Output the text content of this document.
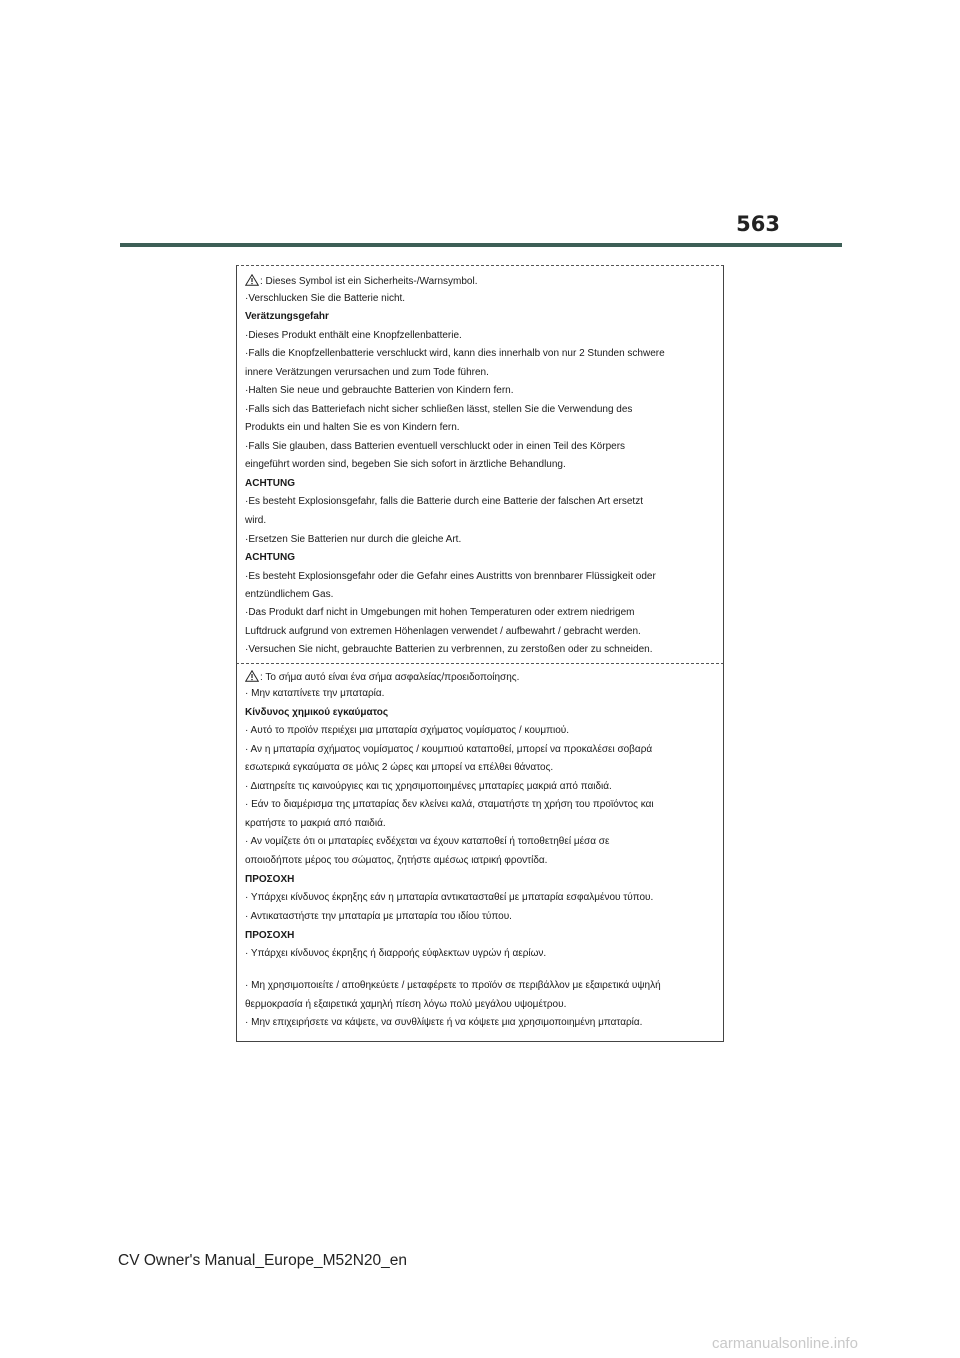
563
: Dieses Symbol ist ein Sicherheits-/Warnsymbol.
·Verschlucken Sie die Batterie nicht.
Verätzungsgefahr
·Dieses Produkt enthält eine Knopfzellenbatterie.
·Falls die Knopfzellenbatterie verschluckt wird, kann dies innerhalb von nur 2 Stunden schwere
innere Verätzungen verursachen und zum Tode führen.
·Halten Sie neue und gebrauchte Batterien von Kindern fern.
·Falls sich das Batteriefach nicht sicher schließen lässt, stellen Sie die Verwendung des
Produkts ein und halten Sie es von Kindern fern.
·Falls Sie glauben, dass Batterien eventuell verschluckt oder in einen Teil des Körpers
eingeführt worden sind, begeben Sie sich sofort in ärztliche Behandlung.
ACHTUNG
·Es besteht Explosionsgefahr, falls die Batterie durch eine Batterie der falschen Art ersetzt
wird.
·Ersetzen Sie Batterien nur durch die gleiche Art.
ACHTUNG
·Es besteht Explosionsgefahr oder die Gefahr eines Austritts von brennbarer Flüssigkeit oder
entzündlichem Gas.
·Das Produkt darf nicht in Umgebungen mit hohen Temperaturen oder extrem niedrigem
Luftdruck aufgrund von extremen Höhenlagen verwendet / aufbewahrt / gebracht werden.
·Versuchen Sie nicht, gebrauchte Batterien zu verbrennen, zu zerstoßen oder zu schneiden.
: Το σήμα αυτό είναι ένα σήμα ασφαλείας/προειδοποίησης.
· Μην καταπίνετε την μπαταρία.
Κίνδυνος χημικού εγκαύματος
· Αυτό το προϊόν περιέχει μια μπαταρία σχήματος νομίσματος / κουμπιού.
· Αν η μπαταρία σχήματος νομίσματος / κουμπιού καταποθεί, μπορεί να προκαλέσει σοβαρά
εσωτερικά εγκαύματα σε μόλις 2 ώρες και μπορεί να επέλθει θάνατος.
· Διατηρείτε τις καινούργιες και τις χρησιμοποιημένες μπαταρίες μακριά από παιδιά.
· Εάν το διαμέρισμα της μπαταρίας δεν κλείνει καλά, σταματήστε τη χρήση του προϊόντος και
κρατήστε το μακριά από παιδιά.
· Αν νομίζετε ότι οι μπαταρίες ενδέχεται να έχουν καταποθεί ή τοποθετηθεί μέσα σε
οποιοδήποτε μέρος του σώματος, ζητήστε αμέσως ιατρική φροντίδα.
ΠΡΟΣΟΧΗ
· Υπάρχει κίνδυνος έκρηξης εάν η μπαταρία αντικατασταθεί με μπαταρία εσφαλμένου τύπου.
· Αντικαταστήστε την μπαταρία με μπαταρία του ιδίου τύπου.
ΠΡΟΣΟΧΗ
· Υπάρχει κίνδυνος έκρηξης ή διαρροής εύφλεκτων υγρών ή αερίων.
· Μη χρησιμοποιείτε / αποθηκεύετε / μεταφέρετε το προϊόν σε περιβάλλον με εξαιρετικά υψηλή
θερμοκρασία ή εξαιρετικά χαμηλή πίεση λόγω πολύ μεγάλου υψομέτρου.
· Μην επιχειρήσετε να κάψετε, να συνθλίψετε ή να κόψετε μια χρησιμοποιημένη μπαταρία.
CV Owner's Manual_Europe_M52N20_en
carmanualsonline.info
